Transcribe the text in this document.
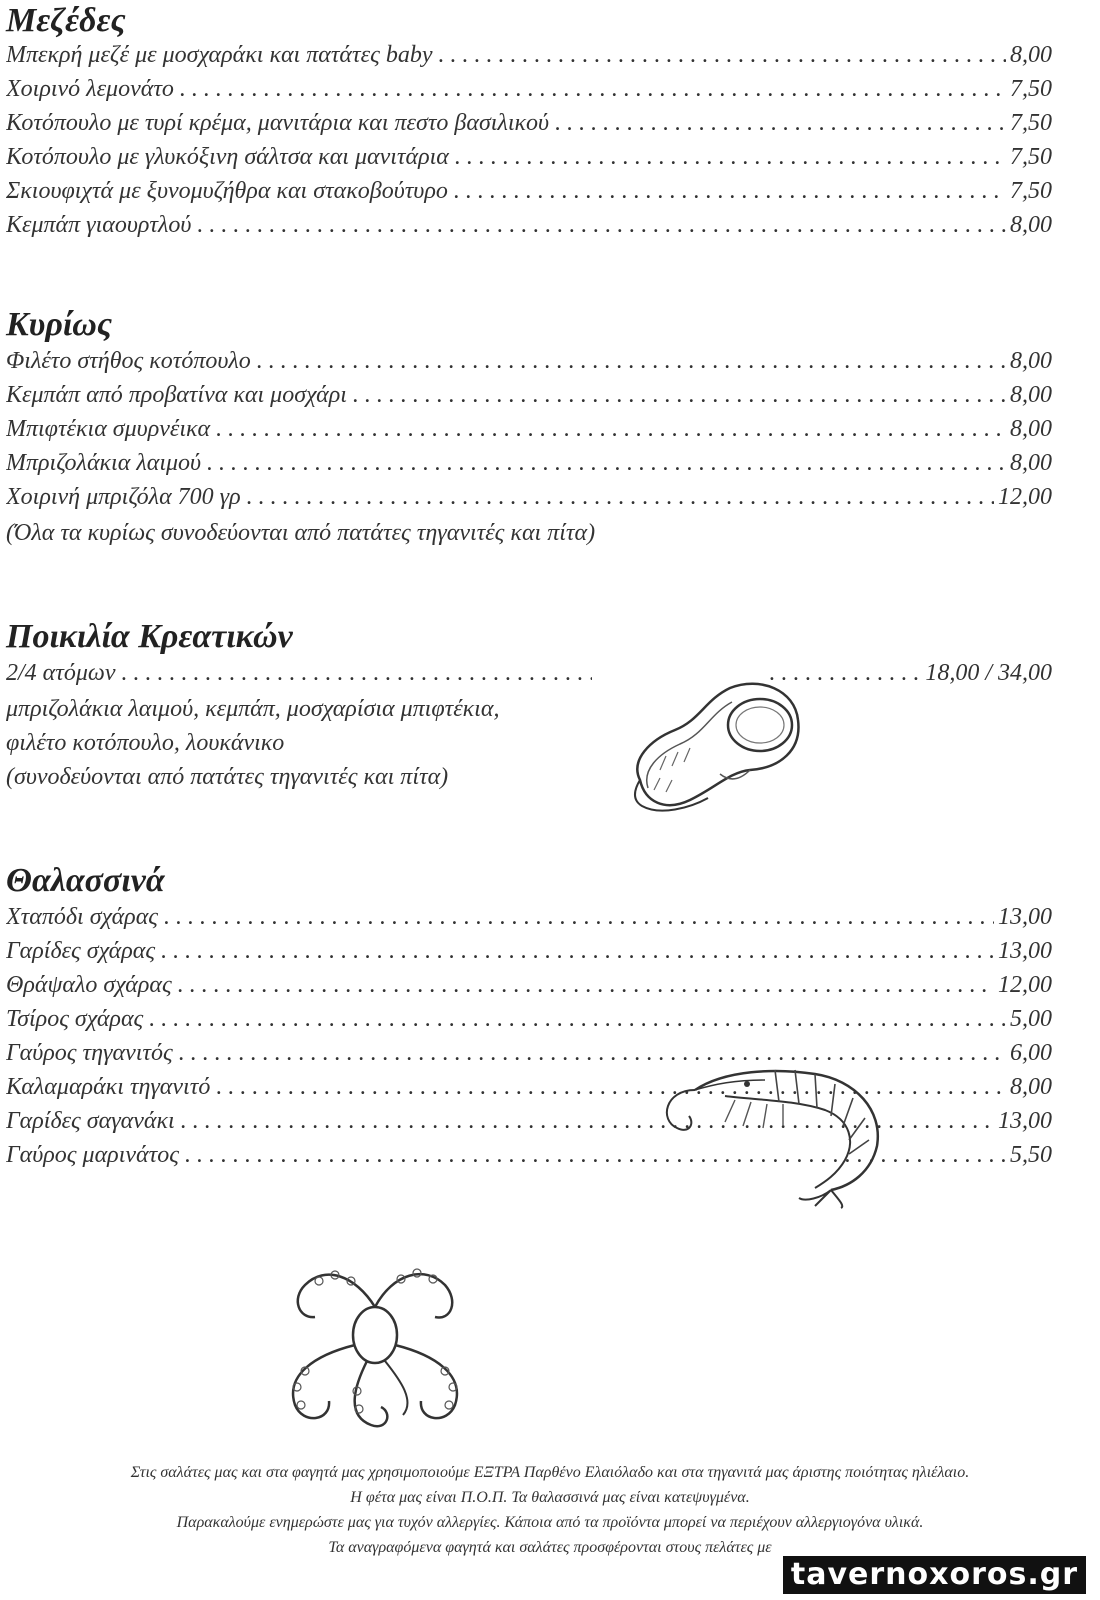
Μεζέδες
Μπεκρή μεζέ με μοσχαράκι και πατάτες baby . . .	8,00
Χοιρινό λεμονάτο . . .	7,50
Κοτόπουλο με τυρί κρέμα, μανιτάρια και πεστο βασιλικού . . .	7,50
Κοτόπουλο με γλυκόξινη σάλτσα και μανιτάρια . . .	7,50
Σκιουφιχτά με ξυνομυζήθρα και στακοβούτυρο . . .	7,50
Κεμπάπ γιαουρτλού . . .	8,00
Κυρίως
Φιλέτο στήθος κοτόπουλο . . .	8,00
Κεμπάπ από προβατίνα και μοσχάρι . . .	8,00
Μπιφτέκια σμυρνέικα . . .	8,00
Μπριζολάκια λαιμού . . .	8,00
Χοιρινή μπριζόλα 700 γρ . . .	12,00
(Όλα τα κυρίως συνοδεύονται από πατάτες τηγανιτές και πίτα)
Ποικιλία Κρεατικών
2/4 ατόμων . . .	18,00 / 34,00
μπριζολάκια λαιμού, κεμπάπ, μοσχαρίσια μπιφτέκια,
φιλέτο κοτόπουλο, λουκάνικο
(συνοδεύονται από πατάτες τηγανιτές και πίτα)
Θαλασσινά
Χταπόδι σχάρας . . .	13,00
Γαρίδες σχάρας . . .	13,00
Θράψαλο σχάρας . . .	12,00
Τσίρος σχάρας . . .	5,00
Γαύρος τηγανιτός . . .	6,00
Καλαμαράκι τηγανιτό . . .	8,00
Γαρίδες σαγανάκι . . .	13,00
Γαύρος μαρινάτος . . .	5,50
Στις σαλάτες μας και στα φαγητά μας χρησιμοποιούμε ΕΞΤΡΑ Παρθένο Ελαιόλαδο και στα τηγανιτά μας άριστης ποιότητας ηλιέλαιο.
Η φέτα μας είναι Π.Ο.Π. Τα θαλασσινά μας είναι κατεψυγμένα.
Παρακαλούμε ενημερώστε μας για τυχόν αλλεργίες. Κάποια από τα προϊόντα μπορεί να περιέχουν αλλεργιογόνα υλικά.
Τα αναγραφόμενα φαγητά και σαλάτες προσφέρονται στους πελάτες με
tavernoxoros.gr
